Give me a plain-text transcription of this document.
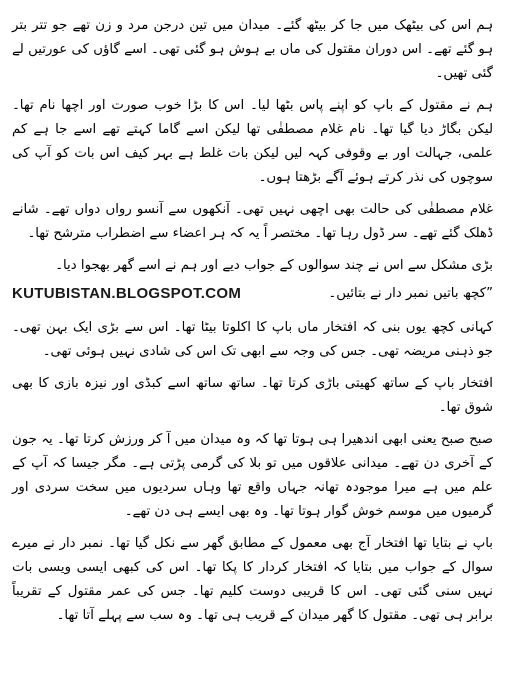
ہم اس کی بیٹھک میں جا کر بیٹھ گئے۔ میدان میں تین درجن مرد و زن تھے جو تتر بتر ہو گئے تھے۔ اس دوران مقتول کی ماں بے ہوش ہو گئی تھی۔ اسے گاؤں کی عورتیں لے گئی تھیں۔

ہم نے مقتول کے باپ کو اپنے پاس بٹھا لیا۔ اس کا بڑا خوب صورت اور اچھا نام تھا۔ لیکن بگاڑ دیا گیا تھا۔ نام غلام مصطفٰی تھا لیکن اسے گاما کہتے تھے اسے جا ہے کم علمی، جہالت اور بے وقوفی کہہ لیں لیکن بات غلط ہے بہر کیف اس بات کو آپ کی سوچوں کی نذر کرتے ہوئے آگے بڑھتا ہوں۔

غلام مصطفٰی کی حالت بھی اچھی نہیں تھی۔ آنکھوں سے آنسو رواں دواں تھے۔ شانے ڈھلک گئے تھے۔ سر ڈول رہا تھا۔ مختصر اً یہ کہ ہر اعضاء سے اضطراب مترشح تھا۔

بڑی مشکل سے اس نے چند سوالوں کے جواب دیے اور ہم نے اسے گھر بھجوا دیا۔

”کچھ باتیں نمبر دار نے بتائیں۔

KUTUBISTAN.BLOGSPOT.COM

کہانی کچھ یوں بنی کہ افتخار ماں باپ کا اکلوتا بیٹا تھا۔ اس سے بڑی ایک بہن تھی۔ جو ذہنی مریضہ تھی۔ جس کی وجہ سے ابھی تک اس کی شادی نہیں ہوئی تھی۔

افتخار باپ کے ساتھ کھیتی باڑی کرتا تھا۔ ساتھ ساتھ اسے کبڈی اور نیزہ بازی کا بھی شوق تھا۔

صبح صبح یعنی ابھی اندھیرا ہی ہوتا تھا کہ وہ میدان میں آ کر ورزش کرتا تھا۔ یہ جون کے آخری دن تھے۔ میدانی علاقوں میں تو بلا کی گرمی پڑتی ہے۔ مگر جیسا کہ آپ کے علم میں ہے میرا موجودہ تھانہ جہاں واقع تھا وہاں سردیوں میں سخت سردی اور گرمیوں میں موسم خوش گوار ہوتا تھا۔ وہ بھی ایسے ہی دن تھے۔

باپ نے بتایا تھا افتخار آج بھی معمول کے مطابق گھر سے نکل گیا تھا۔ نمبر دار نے میرے سوال کے جواب میں بتایا کہ افتخار کردار کا پکا تھا۔ اس کی کبھی ایسی ویسی بات نہیں سنی گئی تھی۔ اس کا قریبی دوست کلیم تھا۔ جس کی عمر مقتول کے تقریباً برابر ہی تھی۔ مقتول کا گھر میدان کے قریب ہی تھا۔ وہ سب سے پہلے آتا تھا۔
